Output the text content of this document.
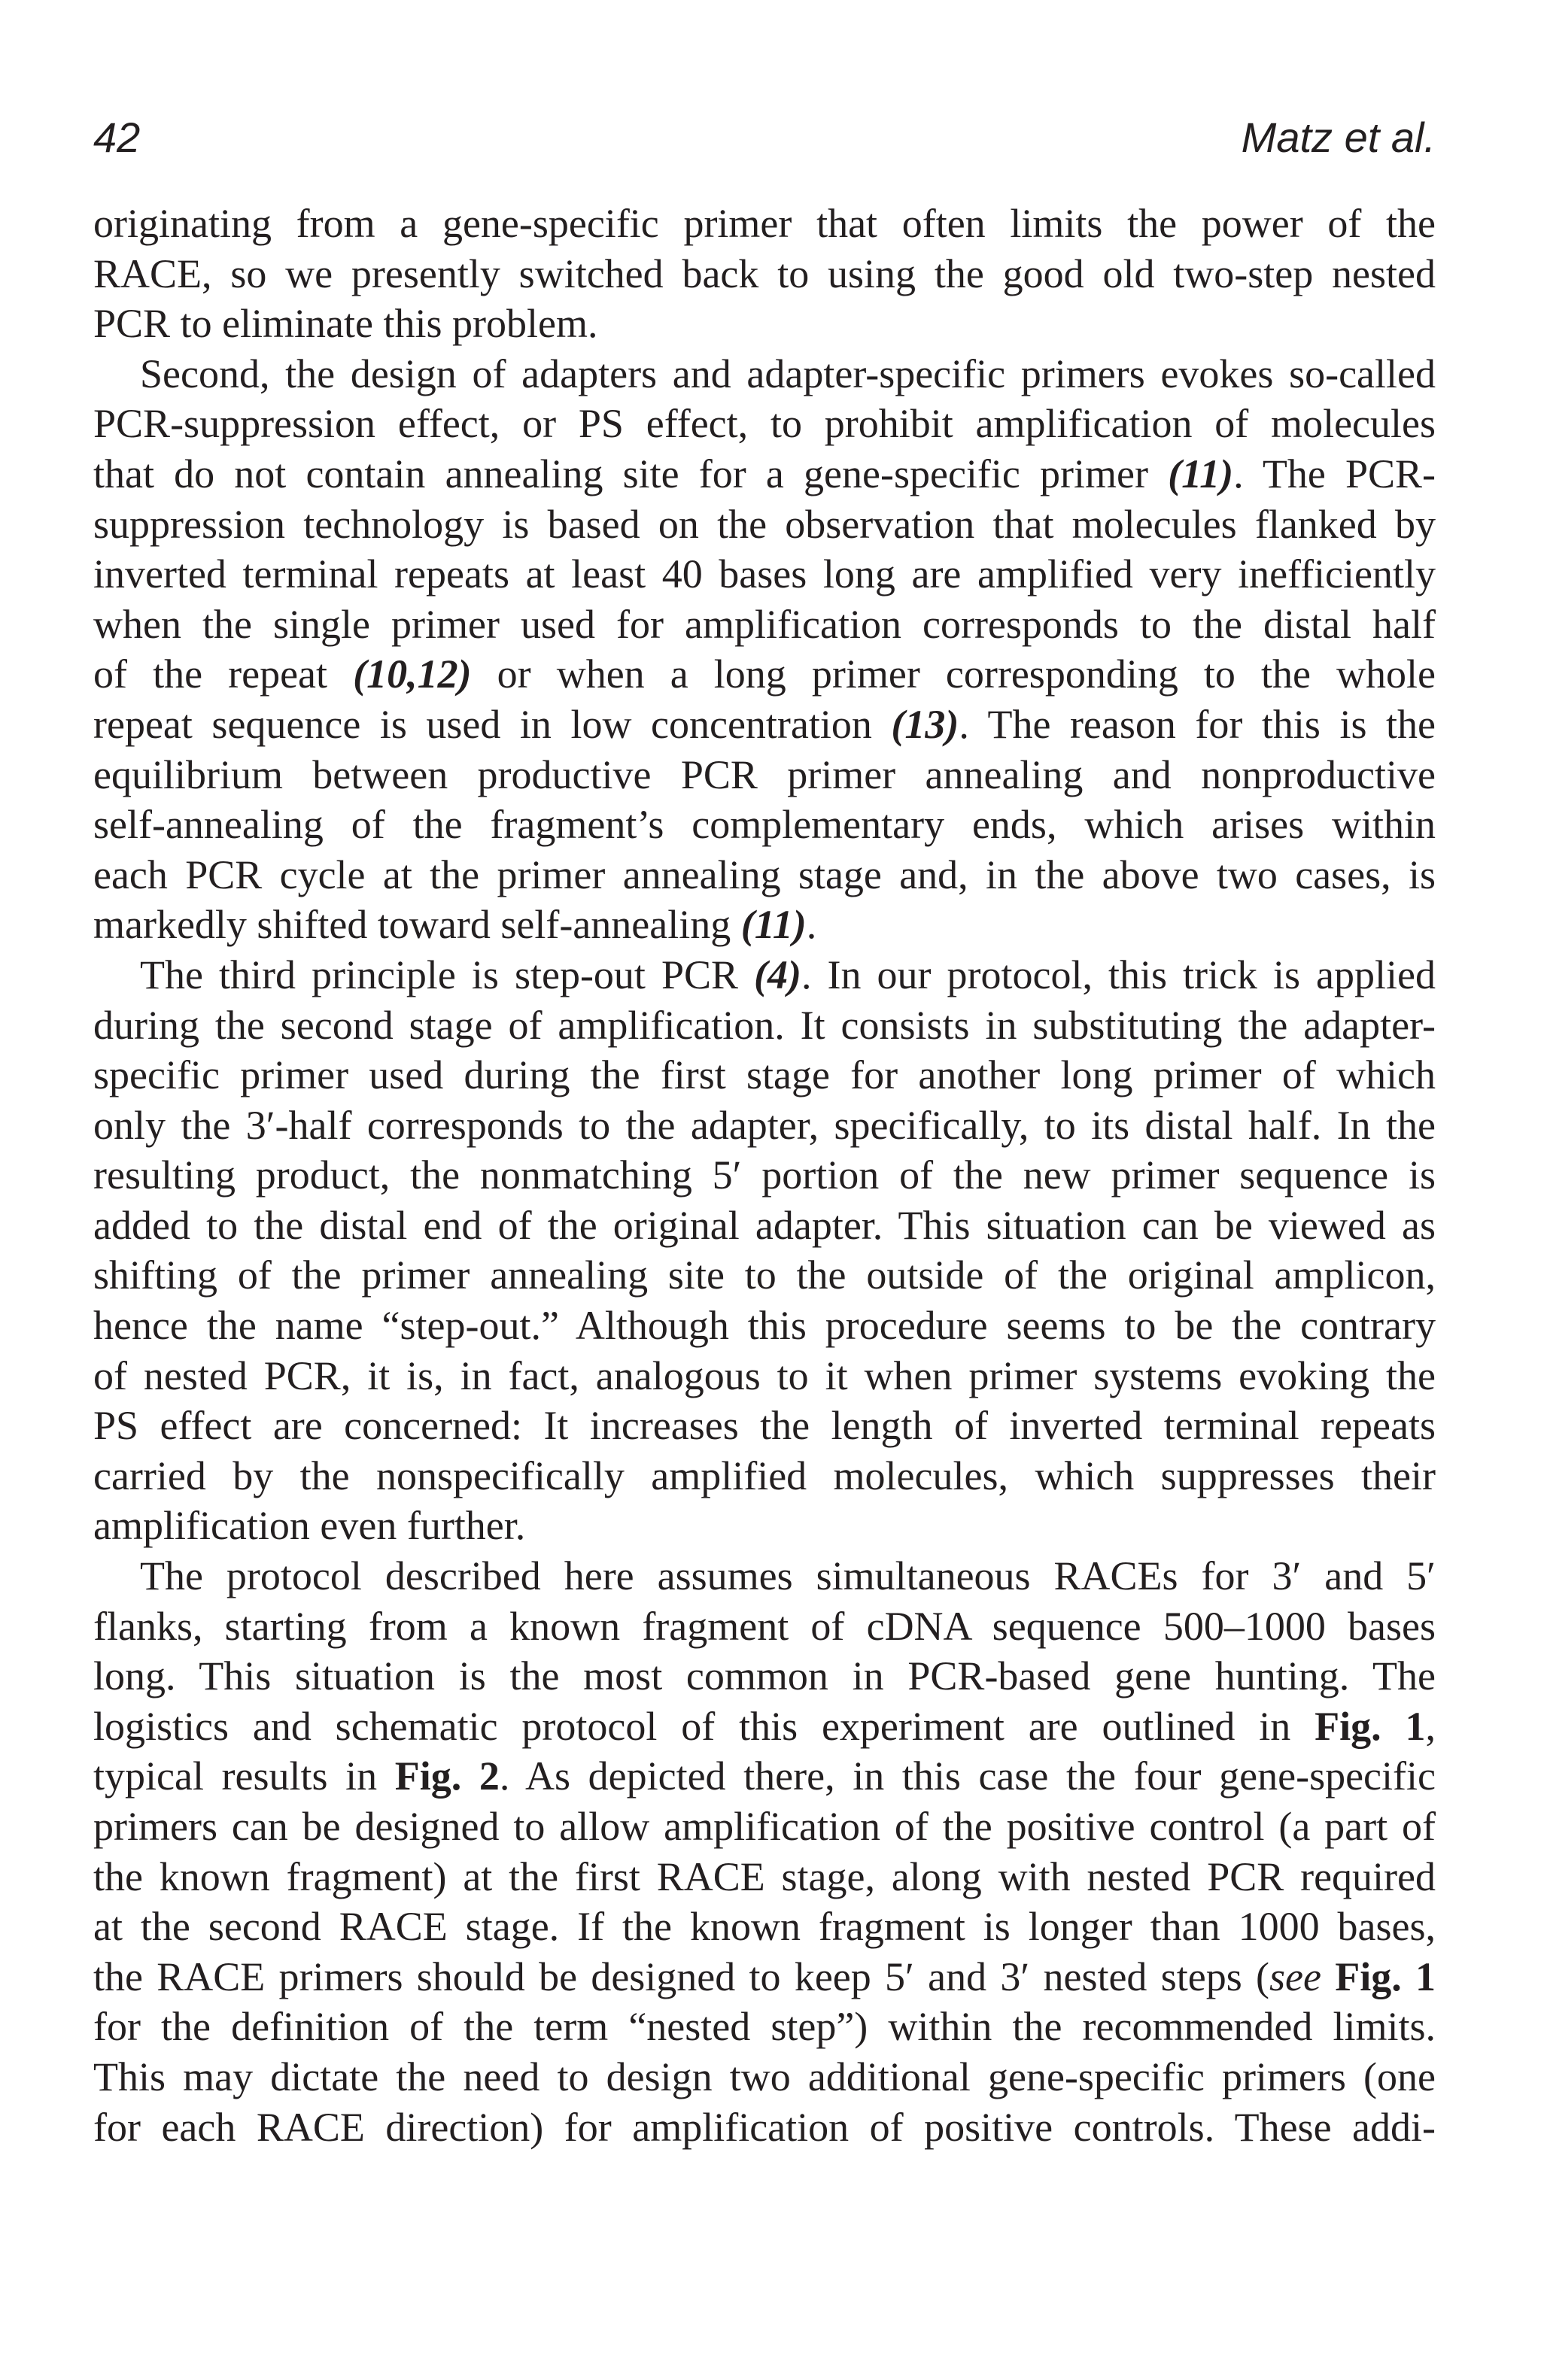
42	Matz et al.
originating from a gene-specific primer that often limits the power of the
RACE, so we presently switched back to using the good old two-step nested
PCR to eliminate this problem.
Second, the design of adapters and adapter-specific primers evokes so-called
PCR-suppression effect, or PS effect, to prohibit amplification of molecules
that do not contain annealing site for a gene-specific primer (11). The PCR-
suppression technology is based on the observation that molecules flanked by
inverted terminal repeats at least 40 bases long are amplified very inefficiently
when the single primer used for amplification corresponds to the distal half
of the repeat (10,12) or when a long primer corresponding to the whole
repeat sequence is used in low concentration (13). The reason for this is the
equilibrium between productive PCR primer annealing and nonproductive
self-annealing of the fragment’s complementary ends, which arises within
each PCR cycle at the primer annealing stage and, in the above two cases, is
markedly shifted toward self-annealing (11).
The third principle is step-out PCR (4). In our protocol, this trick is applied
during the second stage of amplification. It consists in substituting the adapter-
specific primer used during the first stage for another long primer of which
only the 3′-half corresponds to the adapter, specifically, to its distal half. In the
resulting product, the nonmatching 5′ portion of the new primer sequence is
added to the distal end of the original adapter. This situation can be viewed as
shifting of the primer annealing site to the outside of the original amplicon,
hence the name “step-out.” Although this procedure seems to be the contrary
of nested PCR, it is, in fact, analogous to it when primer systems evoking the
PS effect are concerned: It increases the length of inverted terminal repeats
carried by the nonspecifically amplified molecules, which suppresses their
amplification even further.
The protocol described here assumes simultaneous RACEs for 3′ and 5′
flanks, starting from a known fragment of cDNA sequence 500–1000 bases
long. This situation is the most common in PCR-based gene hunting. The
logistics and schematic protocol of this experiment are outlined in Fig. 1,
typical results in Fig. 2. As depicted there, in this case the four gene-specific
primers can be designed to allow amplification of the positive control (a part of
the known fragment) at the first RACE stage, along with nested PCR required
at the second RACE stage. If the known fragment is longer than 1000 bases,
the RACE primers should be designed to keep 5′ and 3′ nested steps (see Fig. 1
for the definition of the term “nested step”) within the recommended limits.
This may dictate the need to design two additional gene-specific primers (one
for each RACE direction) for amplification of positive controls. These addi-
